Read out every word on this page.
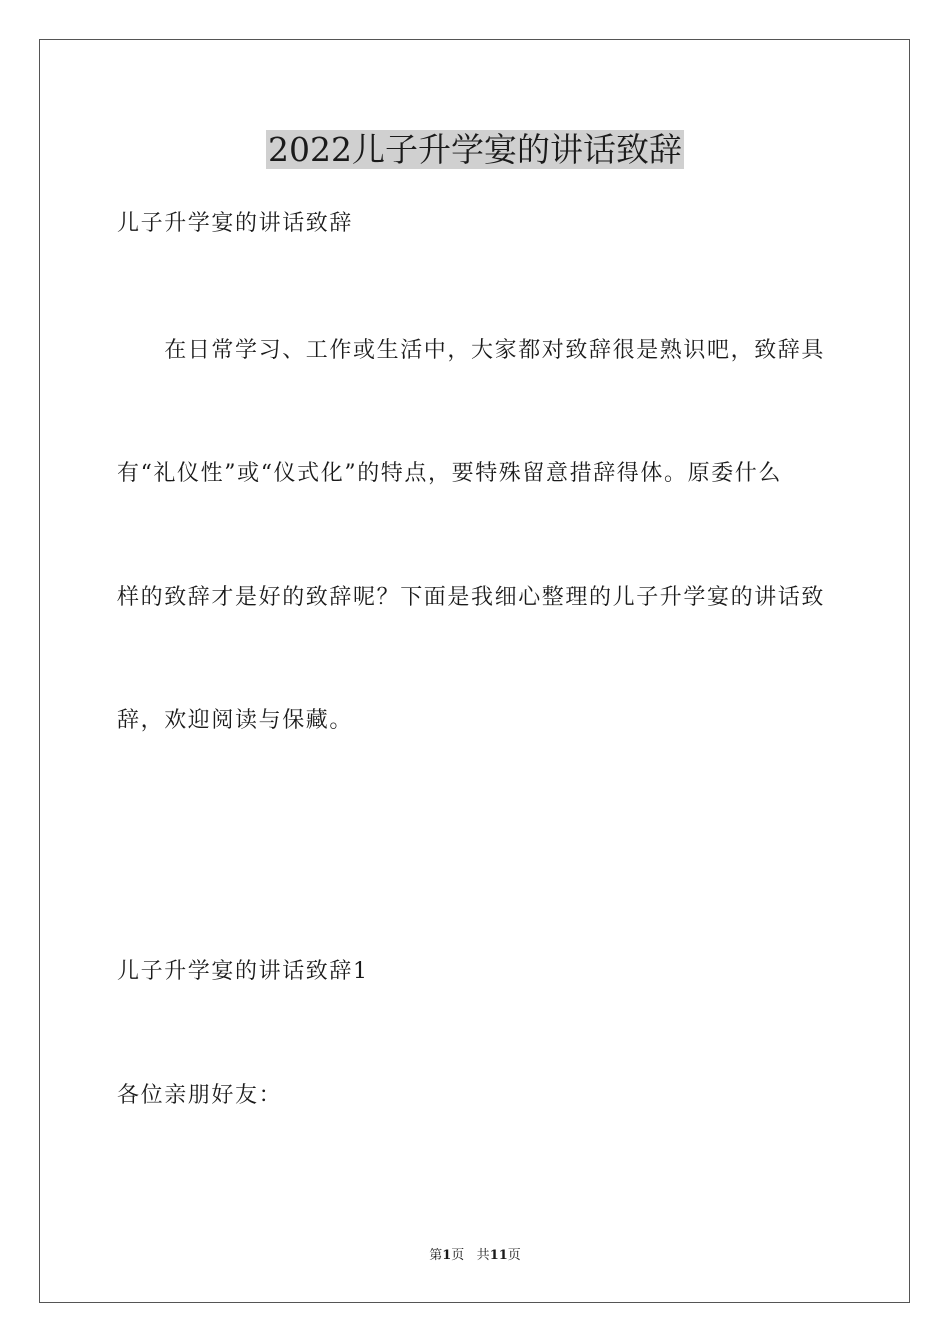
2022儿子升学宴的讲话致辞
儿子升学宴的讲话致辞
　　在日常学习、工作或生活中，大家都对致辞很是熟识吧，致辞具
有“礼仪性”或“仪式化”的特点，要特殊留意措辞得体。原委什么
样的致辞才是好的致辞呢？下面是我细心整理的儿子升学宴的讲话致
辞，欢迎阅读与保藏。
儿子升学宴的讲话致辞1
各位亲朋好友：
第1页 共11页
